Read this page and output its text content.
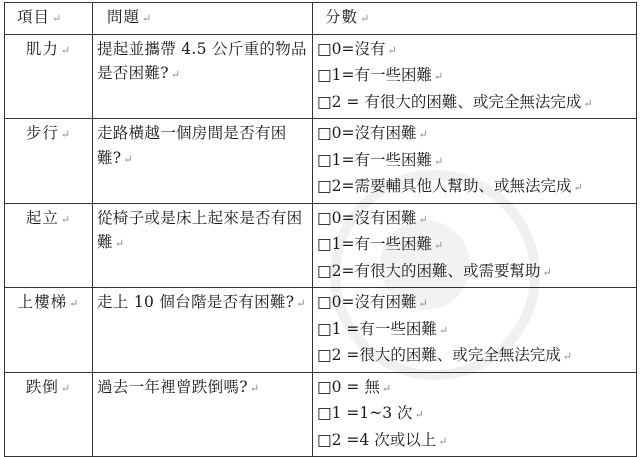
項目 ↵	問題 ↵	分數 ↵
肌力 ↵	提起並攜帶 4.5 公斤重的物品是否困難? ↵	□0=沒有 ↵
□1=有一些困難 ↵
□2 = 有很大的困難、或完全無法完成 ↵

步行 ↵	走路橫越一個房間是否有困難? ↵	□0=沒有困難 ↵
□1=有一些困難 ↵
□2=需要輔具他人幫助、或無法完成 ↵

起立 ↵	從椅子或是床上起來是否有困難 ↵	□0=沒有困難 ↵
□1=有一些困難 ↵
□2=有很大的困難、或需要幫助 ↵

上樓梯 ↵	走上 10 個台階是否有困難? ↵	□0=沒有困難 ↵
□1 =有一些困難 ↵
□2 =很大的困難、或完全無法完成 ↵

跌倒 ↵	過去一年裡曾跌倒嗎? ↵	□0 = 無 ↵
□1 =1~3 次 ↵
□2 =4 次或以上 ↵
